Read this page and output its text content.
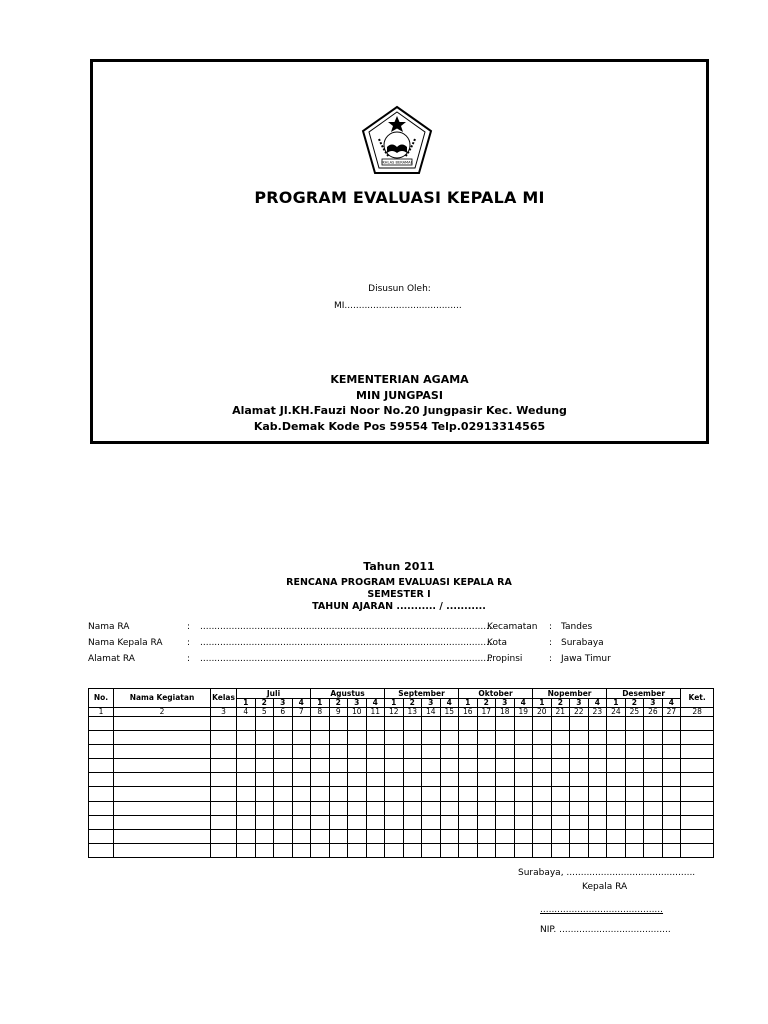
IKHLAS BERAMAL
PROGRAM EVALUASI KEPALA MI
Disusun Oleh:
MI.........................................
KEMENTERIAN AGAMA
MIN JUNGPASI
Alamat Jl.KH.Fauzi Noor No.20 Jungpasir Kec. Wedung
Kab.Demak Kode Pos 59554 Telp.02913314565
Tahun 2011
RENCANA PROGRAM EVALUASI KEPALA RA
SEMESTER I
TAHUN AJARAN ........... / ...........
Nama RA	: ......................................................................................................
Nama Kepala RA	: ......................................................................................................
Alamat RA	: ......................................................................................................
Kecamatan : Tandes
Kota	: Surabaya
Propinsi	: Jawa Timur
No.	Nama Kegiatan	Kelas	Juli				Agustus				September				Oktober				Nopember				Desember				Ket.
			1	2	3	4	1	2	3	4	1	2	3	4	1	2	3	4	1	2	3	4	1	2	3	4	
1	2	3	4	5	6	7	8	9	10	11	12	13	14	15	16	17	18	19	20	21	22	23	24	25	26	27	28

Surabaya, .............................................
Kepala RA
...........................................
NIP. .......................................
